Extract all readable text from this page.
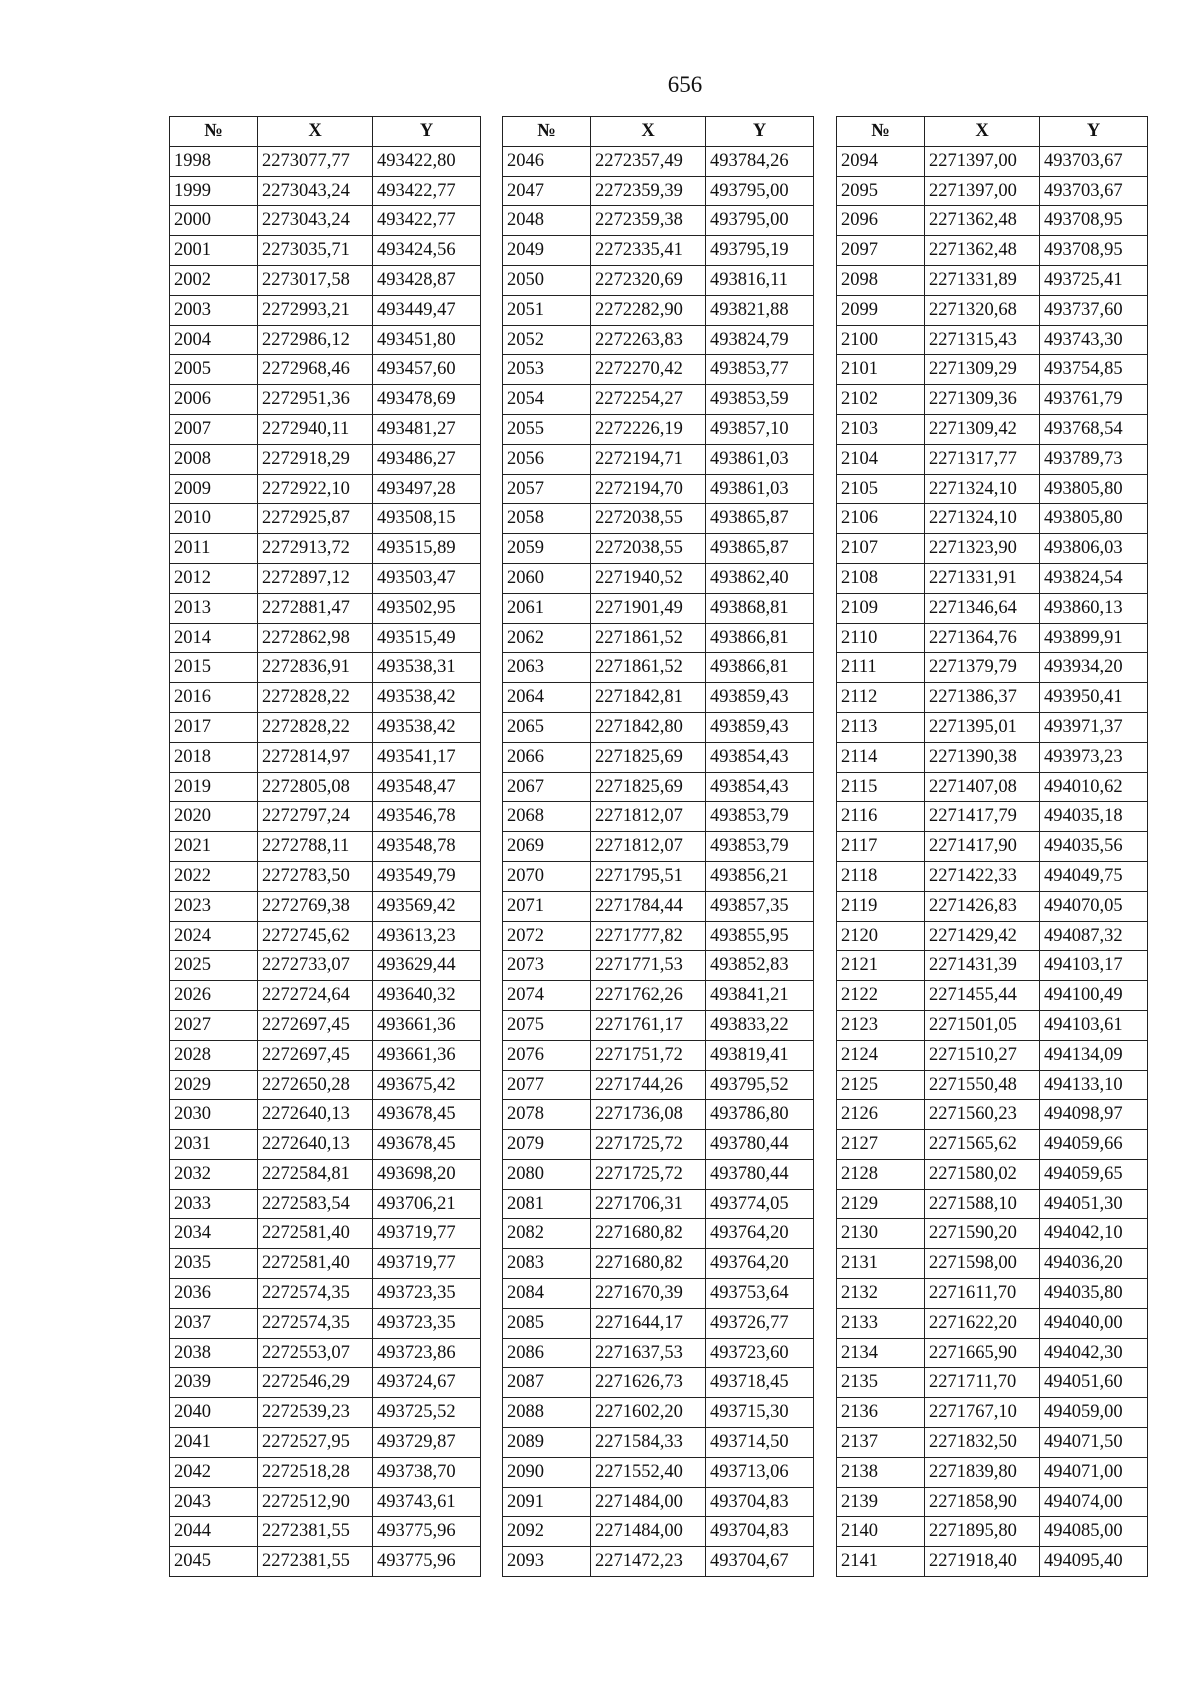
656
№	X	Y
1998	2273077,77	493422,80
1999	2273043,24	493422,77
2000	2273043,24	493422,77
2001	2273035,71	493424,56
2002	2273017,58	493428,87
2003	2272993,21	493449,47
2004	2272986,12	493451,80
2005	2272968,46	493457,60
2006	2272951,36	493478,69
2007	2272940,11	493481,27
2008	2272918,29	493486,27
2009	2272922,10	493497,28
2010	2272925,87	493508,15
2011	2272913,72	493515,89
2012	2272897,12	493503,47
2013	2272881,47	493502,95
2014	2272862,98	493515,49
2015	2272836,91	493538,31
2016	2272828,22	493538,42
2017	2272828,22	493538,42
2018	2272814,97	493541,17
2019	2272805,08	493548,47
2020	2272797,24	493546,78
2021	2272788,11	493548,78
2022	2272783,50	493549,79
2023	2272769,38	493569,42
2024	2272745,62	493613,23
2025	2272733,07	493629,44
2026	2272724,64	493640,32
2027	2272697,45	493661,36
2028	2272697,45	493661,36
2029	2272650,28	493675,42
2030	2272640,13	493678,45
2031	2272640,13	493678,45
2032	2272584,81	493698,20
2033	2272583,54	493706,21
2034	2272581,40	493719,77
2035	2272581,40	493719,77
2036	2272574,35	493723,35
2037	2272574,35	493723,35
2038	2272553,07	493723,86
2039	2272546,29	493724,67
2040	2272539,23	493725,52
2041	2272527,95	493729,87
2042	2272518,28	493738,70
2043	2272512,90	493743,61
2044	2272381,55	493775,96
2045	2272381,55	493775,96
№	X	Y
2046	2272357,49	493784,26
2047	2272359,39	493795,00
2048	2272359,38	493795,00
2049	2272335,41	493795,19
2050	2272320,69	493816,11
2051	2272282,90	493821,88
2052	2272263,83	493824,79
2053	2272270,42	493853,77
2054	2272254,27	493853,59
2055	2272226,19	493857,10
2056	2272194,71	493861,03
2057	2272194,70	493861,03
2058	2272038,55	493865,87
2059	2272038,55	493865,87
2060	2271940,52	493862,40
2061	2271901,49	493868,81
2062	2271861,52	493866,81
2063	2271861,52	493866,81
2064	2271842,81	493859,43
2065	2271842,80	493859,43
2066	2271825,69	493854,43
2067	2271825,69	493854,43
2068	2271812,07	493853,79
2069	2271812,07	493853,79
2070	2271795,51	493856,21
2071	2271784,44	493857,35
2072	2271777,82	493855,95
2073	2271771,53	493852,83
2074	2271762,26	493841,21
2075	2271761,17	493833,22
2076	2271751,72	493819,41
2077	2271744,26	493795,52
2078	2271736,08	493786,80
2079	2271725,72	493780,44
2080	2271725,72	493780,44
2081	2271706,31	493774,05
2082	2271680,82	493764,20
2083	2271680,82	493764,20
2084	2271670,39	493753,64
2085	2271644,17	493726,77
2086	2271637,53	493723,60
2087	2271626,73	493718,45
2088	2271602,20	493715,30
2089	2271584,33	493714,50
2090	2271552,40	493713,06
2091	2271484,00	493704,83
2092	2271484,00	493704,83
2093	2271472,23	493704,67
№	X	Y
2094	2271397,00	493703,67
2095	2271397,00	493703,67
2096	2271362,48	493708,95
2097	2271362,48	493708,95
2098	2271331,89	493725,41
2099	2271320,68	493737,60
2100	2271315,43	493743,30
2101	2271309,29	493754,85
2102	2271309,36	493761,79
2103	2271309,42	493768,54
2104	2271317,77	493789,73
2105	2271324,10	493805,80
2106	2271324,10	493805,80
2107	2271323,90	493806,03
2108	2271331,91	493824,54
2109	2271346,64	493860,13
2110	2271364,76	493899,91
2111	2271379,79	493934,20
2112	2271386,37	493950,41
2113	2271395,01	493971,37
2114	2271390,38	493973,23
2115	2271407,08	494010,62
2116	2271417,79	494035,18
2117	2271417,90	494035,56
2118	2271422,33	494049,75
2119	2271426,83	494070,05
2120	2271429,42	494087,32
2121	2271431,39	494103,17
2122	2271455,44	494100,49
2123	2271501,05	494103,61
2124	2271510,27	494134,09
2125	2271550,48	494133,10
2126	2271560,23	494098,97
2127	2271565,62	494059,66
2128	2271580,02	494059,65
2129	2271588,10	494051,30
2130	2271590,20	494042,10
2131	2271598,00	494036,20
2132	2271611,70	494035,80
2133	2271622,20	494040,00
2134	2271665,90	494042,30
2135	2271711,70	494051,60
2136	2271767,10	494059,00
2137	2271832,50	494071,50
2138	2271839,80	494071,00
2139	2271858,90	494074,00
2140	2271895,80	494085,00
2141	2271918,40	494095,40
